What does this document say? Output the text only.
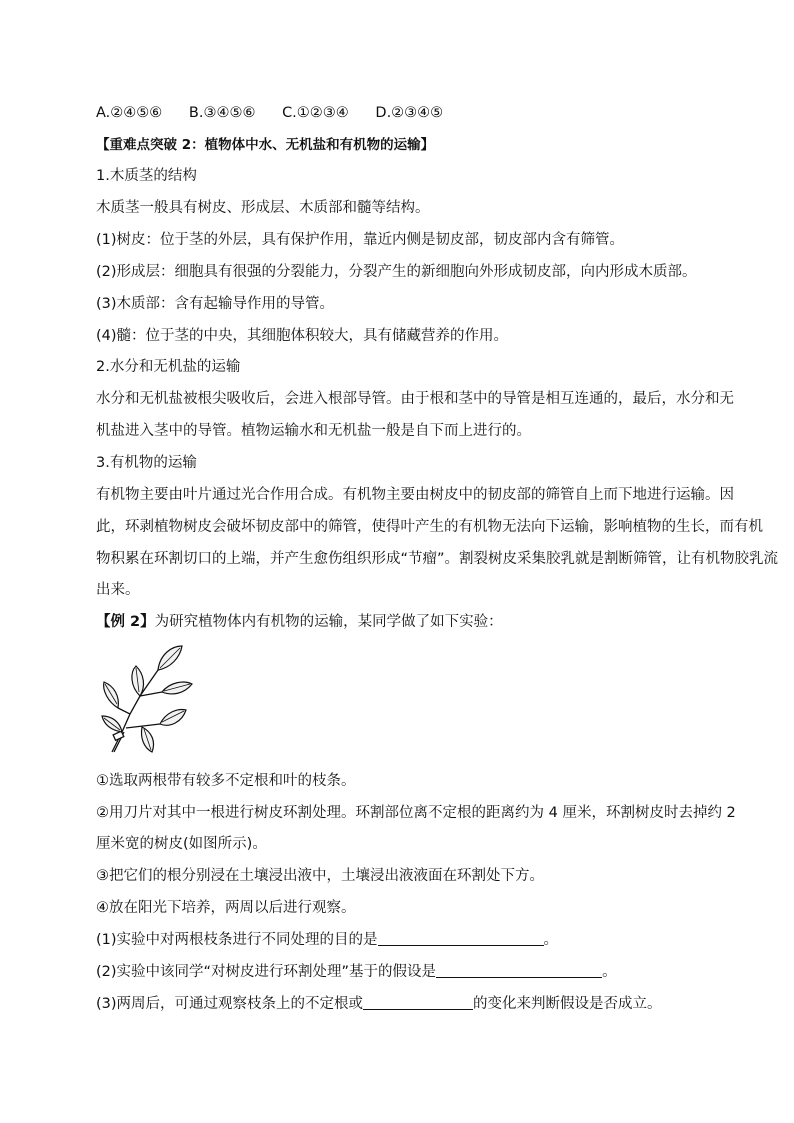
A.②④⑤⑥ B.③④⑤⑥ C.①②③④ D.②③④⑤
【重难点突破 2：植物体中水、无机盐和有机物的运输】
1.木质茎的结构
木质茎一般具有树皮、形成层、木质部和髓等结构。
(1)树皮：位于茎的外层，具有保护作用，靠近内侧是韧皮部，韧皮部内含有筛管。
(2)形成层：细胞具有很强的分裂能力，分裂产生的新细胞向外形成韧皮部，向内形成木质部。
(3)木质部：含有起输导作用的导管。
(4)髓：位于茎的中央，其细胞体积较大，具有储藏营养的作用。
2.水分和无机盐的运输
水分和无机盐被根尖吸收后，会进入根部导管。由于根和茎中的导管是相互连通的，最后，水分和无
机盐进入茎中的导管。植物运输水和无机盐一般是自下而上进行的。
3.有机物的运输
有机物主要由叶片通过光合作用合成。有机物主要由树皮中的韧皮部的筛管自上而下地进行运输。因
此，环剥植物树皮会破坏韧皮部中的筛管，使得叶产生的有机物无法向下运输，影响植物的生长，而有机
物积累在环割切口的上端，并产生愈伤组织形成“节瘤”。割裂树皮采集胶乳就是割断筛管，让有机物胶乳流
出来。
【例 2】为研究植物体内有机物的运输，某同学做了如下实验：
①选取两根带有较多不定根和叶的枝条。
②用刀片对其中一根进行树皮环割处理。环割部位离不定根的距离约为 4 厘米，环割树皮时去掉约 2
厘米宽的树皮(如图所示)。
③把它们的根分别浸在土壤浸出液中，土壤浸出液液面在环割处下方。
④放在阳光下培养，两周以后进行观察。
(1)实验中对两根枝条进行不同处理的目的是	。
(2)实验中该同学“对树皮进行环割处理”基于的假设是	。
(3)两周后，可通过观察枝条上的不定根或	的变化来判断假设是否成立。
